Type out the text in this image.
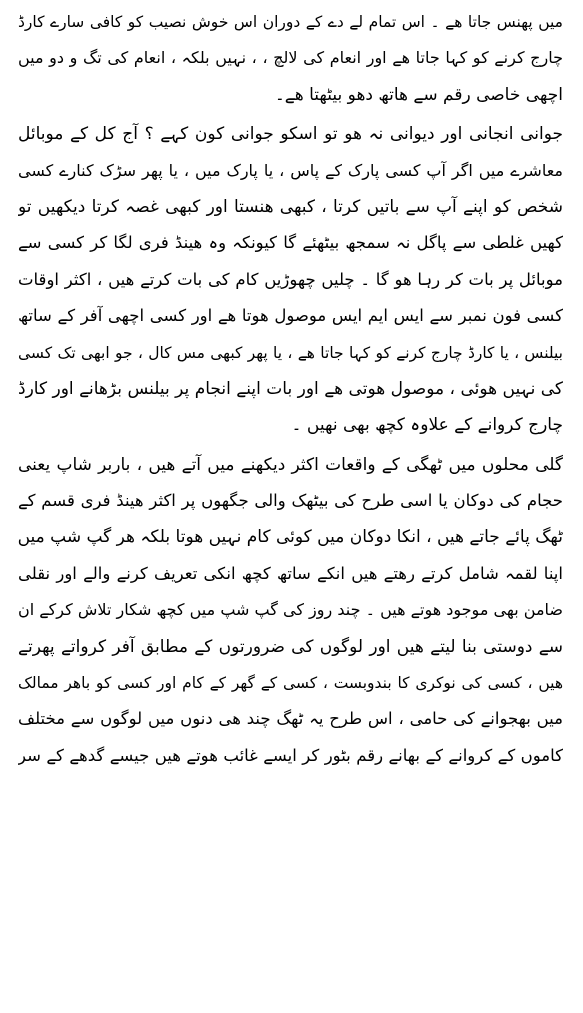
میں پھنس جاتا ھے ۔ اس تمام لے دے کے دوران اس خوش نصیب کو کافی سارے کارڈ
چارج کرنے کو کہا جاتا ھے اور انعام کی لالچ ، ، نہیں بلکہ ، انعام کی تگ و دو میں
اچھی خاصی رقم سے ھاتھ دھو بیٹھتا ھے۔
جوانی انجانی اور دیوانی نہ ھو تو اسکو جوانی کون کہے ؟ آج کل کے موبائل
معاشرے میں اگر آپ کسی پارک کے پاس ، یا پارک میں ، یا پھر سڑک کنارے کسی
شخص کو اپنے آپ سے باتیں کرتا ، کبھی ھنستا اور کبھی غصہ کرتا دیکھیں تو
کھیں غلطی سے پاگل نہ سمجھ بیٹھئے گا کیونکہ وہ ھینڈ فری لگا کر کسی سے
موبائل پر بات کر رہا ھو گا ۔ چلیں چھوڑیں کام کی بات کرتے ھیں ، اکثر اوقات
کسی فون نمبر سے ایس ایم ایس موصول ھوتا ھے اور کسی اچھی آفر کے ساتھ
بیلنس ، یا کارڈ چارج کرنے کو کہا جاتا ھے ، یا پھر کبھی مس کال ، جو ابھی تک کسی
کی نہیں ھوئی ، موصول ھوتی ھے اور بات اپنے انجام پر بیلنس بڑھانے اور کارڈ
چارج کروانے کے علاوہ کچھ بھی نھیں ۔
گلی محلوں میں ٹھگی کے واقعات اکثر دیکھنے میں آتے ھیں ، باربر شاپ یعنی
حجام کی دوکان یا اسی طرح کی بیٹھک والی جگھوں پر اکثر ھینڈ فری قسم کے
ٹھگ پائے جاتے ھیں ، انکا دوکان میں کوئی کام نہیں ھوتا بلکہ ھر گپ شپ میں
اپنا لقمہ شامل کرتے رھتے ھیں انکے ساتھ کچھ انکی تعریف کرنے والے اور نقلی
ضامن بھی موجود ھوتے ھیں ۔ چند روز کی گپ شپ میں کچھ شکار تلاش کرکے ان
سے دوستی بنا لیتے ھیں اور لوگوں کی ضرورتوں کے مطابق آفر کرواتے پھرتے
ھیں ، کسی کی نوکری کا بندوبست ، کسی کے گھر کے کام اور کسی کو باھر ممالک
میں بھجوانے کی حامی ، اس طرح یہ ٹھگ چند ھی دنوں میں لوگوں سے مختلف
کاموں کے کروانے کے بھانے رقم بٹور کر ایسے غائب ھوتے ھیں جیسے گدھے کے سر
